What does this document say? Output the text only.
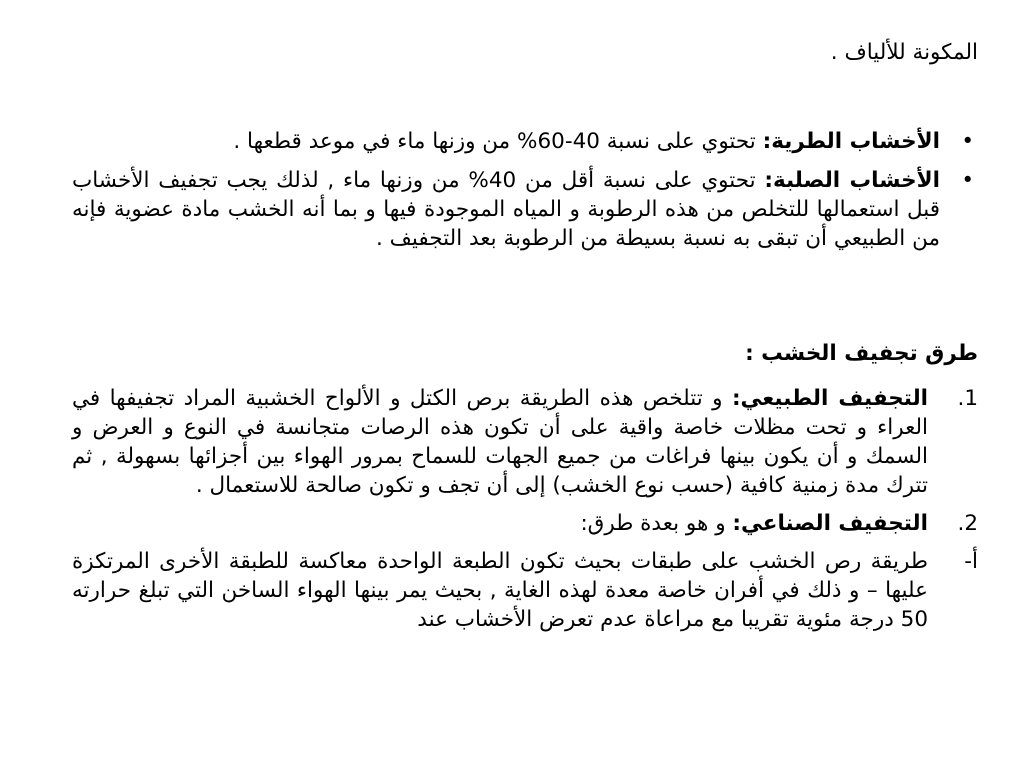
المكونة للألياف .

•
الأخشاب الطرية: تحتوي على نسبة 40-60% من وزنها ماء في موعد قطعها .
•
الأخشاب الصلبة: تحتوي على نسبة أقل من 40% من وزنها ماء , لذلك يجب تجفيف الأخشاب قبل استعمالها للتخلص من هذه الرطوبة و المياه الموجودة فيها و بما أنه الخشب مادة عضوية فإنه من الطبيعي أن تبقى به نسبة بسيطة من الرطوبة بعد التجفيف .

طرق تجفيف الخشب :

1.
التجفيف الطبيعي: و تتلخص هذه الطريقة برص الكتل و الألواح الخشبية المراد تجفيفها في العراء و تحت مظلات خاصة واقية على أن تكون هذه الرصات متجانسة في النوع و العرض و السمك و أن يكون بينها فراغات من جميع الجهات للسماح بمرور الهواء بين أجزائها بسهولة , ثم تترك مدة زمنية كافية (حسب نوع الخشب) إلى أن تجف و تكون صالحة للاستعمال .
2.
التجفيف الصناعي: و هو بعدة طرق:
أ-
طريقة رص الخشب على طبقات بحيث تكون الطبعة الواحدة معاكسة للطبقة الأخرى المرتكزة عليها – و ذلك في أفران خاصة معدة لهذه الغاية , بحيث يمر بينها الهواء الساخن التي تبلغ حرارته 50 درجة مئوية تقريبا مع مراعاة عدم تعرض الأخشاب عند
